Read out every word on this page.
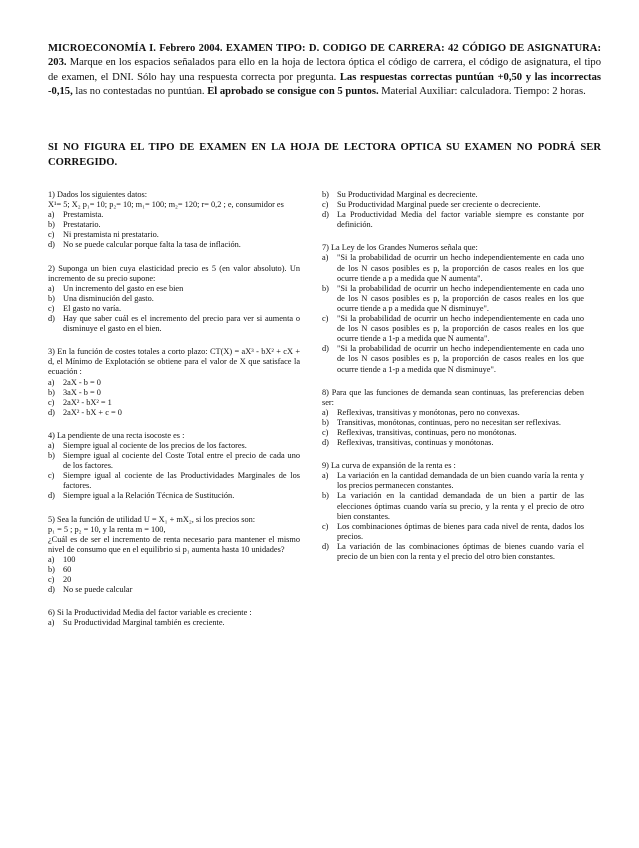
MICROECONOMÍA I. Febrero 2004. EXAMEN TIPO: D. CODIGO DE CARRERA: 42 CÓDIGO DE ASIGNATURA: 203. Marque en los espacios señalados para ello en la hoja de lectora óptica el código de carrera, el código de asignatura, el tipo de examen, el DNI. Sólo hay una respuesta correcta por pregunta. Las respuestas correctas puntúan +0,50 y las incorrectas -0,15, las no contestadas no puntúan. El aprobado se consigue con 5 puntos. Material Auxiliar: calculadora. Tiempo: 2 horas.
SI NO FIGURA EL TIPO DE EXAMEN EN LA HOJA DE LECTORA OPTICA SU EXAMEN NO PODRÁ SER CORREGIDO.
1) Dados los siguientes datos:
X¹= 5; X₂ p₁= 10; p₂= 10; m₁= 100; m₂= 120; r= 0,2 ; e, consumidor es
a)	Prestamista.
b) Prestatario.
c)	Ni prestamista ni prestatario.
d) No se puede calcular porque falta la tasa de inflación.
2) Suponga un bien cuya elasticidad precio es 5 (en valor absoluto). Un incremento de su precio supone:
a)	Un incremento del gasto en ese bien
b) Una disminución del gasto.
c)	El gasto no varía.
d) Hay que saber cuál es el incremento del precio para ver si aumenta o disminuye el gasto en el bien.
3) En la función de costes totales a corto plazo: CT(X) = aX³ - bX² + cX + d, el Mínimo de Explotación se obtiene para el valor de X que satisface la ecuación :
a)	2aX - b = 0
b) 3aX - b = 0
c)	2aX² - bX² = 1
d) 2aX² - bX + c = 0
4) La pendiente de una recta isocoste es :
a)	Siempre igual al cociente de los precios de los factores.
b) Siempre igual al cociente del Coste Total entre el precio de cada uno de los factores.
c)	Siempre igual al cociente de las Productividades Marginales de los factores.
d) Siempre igual a la Relación Técnica de Sustitución.
5) Sea la función de utilidad U = X₁ + mX₂, si los precios son:
p₁ = 5 ; p₂ = 10, y la renta m = 100,
¿Cuál es de ser el incremento de renta necesario para mantener el mismo nivel de consumo que en el equilibrio si p₁ aumenta hasta 10 unidades?
a)	100
b) 60
c)	20
d) No se puede calcular
6) Si la Productividad Media del factor variable es creciente :
a)	Su Productividad Marginal también es creciente.
b) Su Productividad Marginal es decreciente.
c)	Su Productividad Marginal puede ser creciente o decreciente.
d) La Productividad Media del factor variable siempre es constante por definición.
7) La Ley de los Grandes Numeros señala que:
a)	"Si la probabilidad de ocurrir un hecho independientemente en cada uno de los N casos posibles es p, la proporción de casos reales en los que ocurre tiende a p a medida que N aumenta".
b) "Si la probabilidad de ocurrir un hecho independientemente en cada uno de los N casos posibles es p, la proporción de casos reales en los que ocurre tiende a p a medida que N disminuye".
c)	"Si la probabilidad de ocurrir un hecho independientemente en cada uno de los N casos posibles es p, la proporción de casos reales en los que ocurre tiende a 1-p a medida que N aumenta".
d) "Si la probabilidad de ocurrir un hecho independientemente en cada uno de los N casos posibles es p, la proporción de casos reales en los que ocurre tiende a 1-p a medida que N disminuye".
8) Para que las funciones de demanda sean continuas, las preferencias deben ser:
a)	Reflexivas, transitivas y monótonas, pero no convexas.
b) Transitivas, monótonas, continuas, pero no necesitan ser reflexivas.
c)	Reflexivas, transitivas, continuas, pero no monótonas.
d) Reflexivas, transitivas, continuas y monótonas.
9) La curva de expansión de la renta es :
a)	La variación en la cantidad demandada de un bien cuando varía la renta y los precios permanecen constantes.
b) La variación en la cantidad demandada de un bien a partir de las elecciones óptimas cuando varía su precio, y la renta y el precio de otro bien constantes.
c)	Los combinaciones óptimas de bienes para cada nivel de renta, dados los precios.
d) La variación de las combinaciones óptimas de bienes cuando varía el precio de un bien con la renta y el precio del otro bien constantes.
